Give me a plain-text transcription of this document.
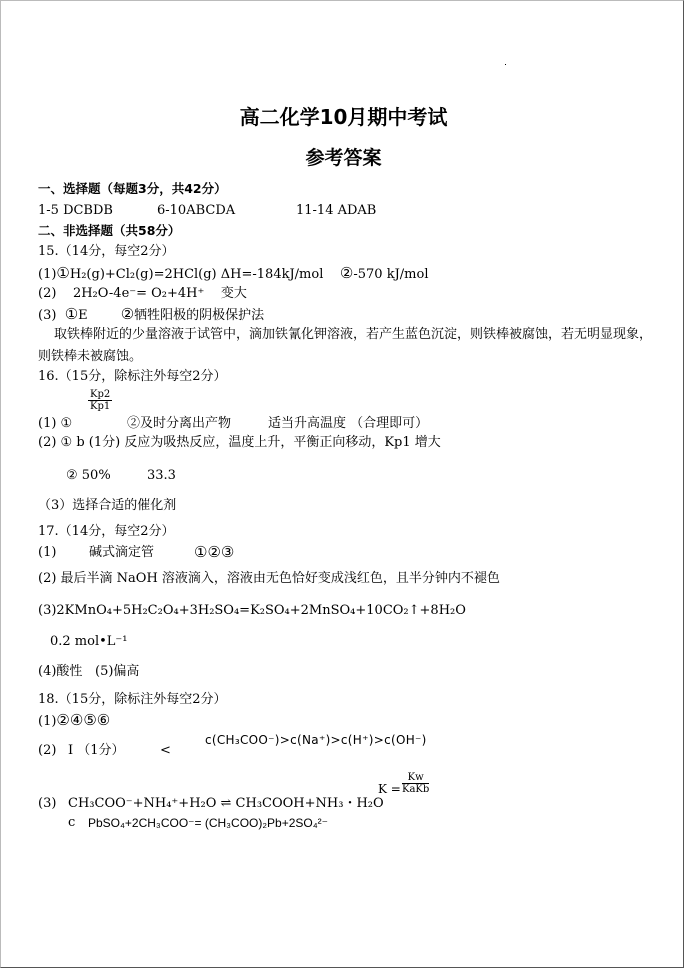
高二化学10月期中考试
参考答案
一、选择题（每题3分，共42分）
1-5 DCBDB	6-10ABCDA	11-14 ADAB
二、非选择题（共58分）
15.（14分，每空2分）
(1)①H₂(g)+Cl₂(g)=2HCl(g) ΔH=-184kJ/mol ②-570 kJ/mol
(2) 2H₂O-4e⁻= O₂+4H⁺ 变大
(3) ①E ②牺牲阳极的阴极保护法
取铁棒附近的少量溶液于试管中，滴加铁氰化钾溶液，若产生蓝色沉淀，则铁棒被腐蚀，若无明显现象，则铁棒未被腐蚀。
16.（15分，除标注外每空2分）
(1) ①
$\frac{Kp2}{Kp1}$
②及时分离出产物	适当升高温度 （合理即可）
(2) ① b (1分) 反应为吸热反应，温度上升，平衡正向移动，Kp1 增大
② 50%	33.3
（3）选择合适的催化剂
17.（14分，每空2分）
(1)	碱式滴定管	①②③
(2) 最后半滴 NaOH 溶液滴入，溶液由无色恰好变成浅红色，且半分钟内不褪色
(3)2KMnO₄+5H₂C₂O₄+3H₂SO₄=K₂SO₄+2MnSO₄+10CO₂↑+8H₂O
0.2 mol•L⁻¹
(4)酸性 (5)偏高
18.（15分，除标注外每空2分）
(1)②④⑤⑥
(2) I （1分）	<
c(CH₃COO⁻)>c(Na⁺)>c(H⁺)>c(OH⁻)
K =
Kw
KaKb
(3) CH₃COO⁻+NH₄⁺+H₂O ⇌ CH₃COOH+NH₃・H₂O
c PbSO₄+2CH₃COO⁻= (CH₃COO)₂Pb+2SO₄²⁻
